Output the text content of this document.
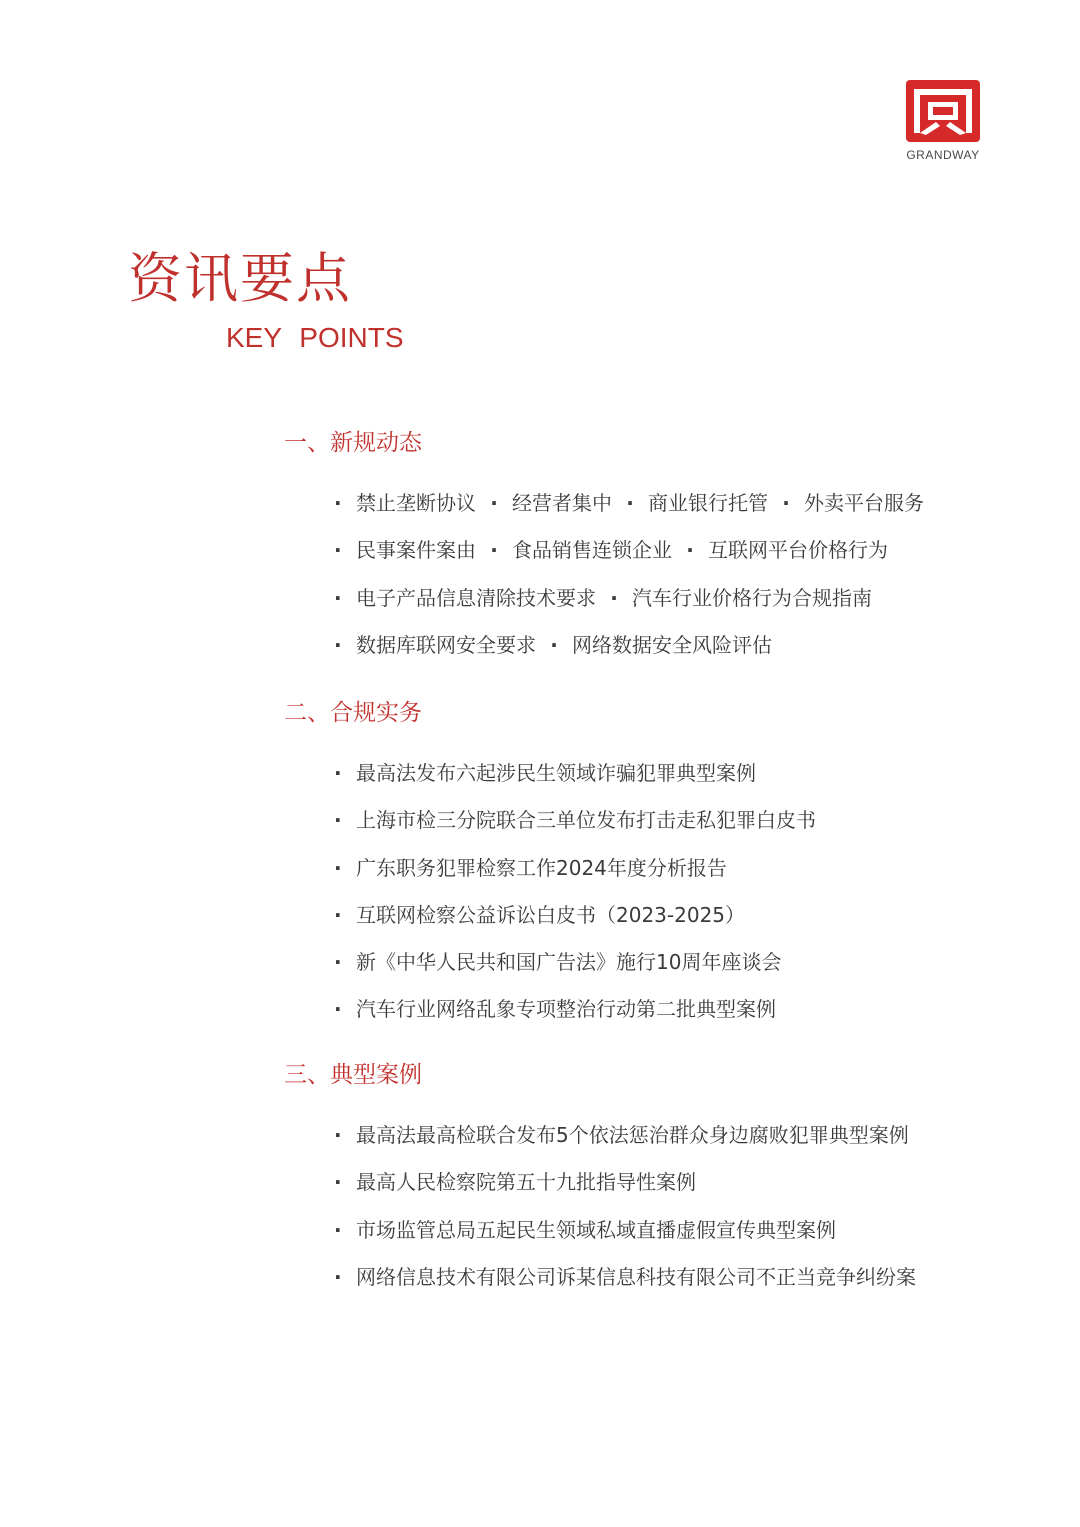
GRANDWAY
资讯要点
KEY POINTS
一、新规动态
· 禁止垄断协议 · 经营者集中 · 商业银行托管 · 外卖平台服务
· 民事案件案由 · 食品销售连锁企业 · 互联网平台价格行为
· 电子产品信息清除技术要求 · 汽车行业价格行为合规指南
· 数据库联网安全要求 · 网络数据安全风险评估
二、合规实务
· 最高法发布六起涉民生领域诈骗犯罪典型案例
· 上海市检三分院联合三单位发布打击走私犯罪白皮书
· 广东职务犯罪检察工作2024年度分析报告
· 互联网检察公益诉讼白皮书（2023-2025）
· 新《中华人民共和国广告法》施行10周年座谈会
· 汽车行业网络乱象专项整治行动第二批典型案例
三、典型案例
· 最高法最高检联合发布5个依法惩治群众身边腐败犯罪典型案例
· 最高人民检察院第五十九批指导性案例
· 市场监管总局五起民生领域私域直播虚假宣传典型案例
· 网络信息技术有限公司诉某信息科技有限公司不正当竞争纠纷案
